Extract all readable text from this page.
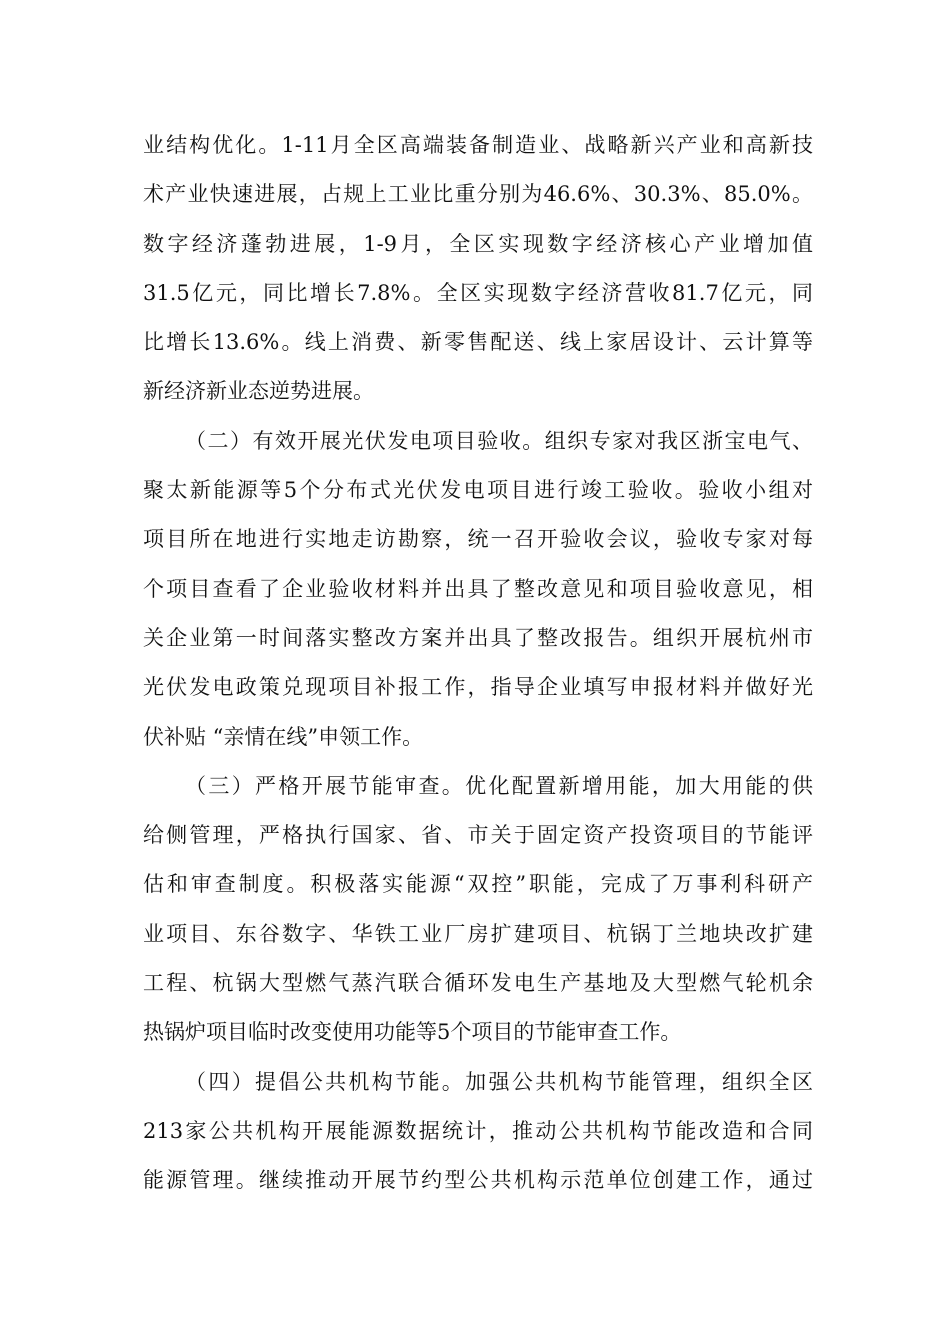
业结构优化。1-11月全区高端装备制造业、战略新兴产业和高新技
术产业快速进展，占规上工业比重分别为46.6%、30.3%、85.0%。
数字经济蓬勃进展，1-9月，全区实现数字经济核心产业增加值
31.5亿元，同比增长7.8%。全区实现数字经济营收81.7亿元，同
比增长13.6%。线上消费、新零售配送、线上家居设计、云计算等
新经济新业态逆势进展。
（二）有效开展光伏发电项目验收。组织专家对我区浙宝电气、
聚太新能源等5个分布式光伏发电项目进行竣工验收。验收小组对
项目所在地进行实地走访勘察，统一召开验收会议，验收专家对每
个项目查看了企业验收材料并出具了整改意见和项目验收意见，相
关企业第一时间落实整改方案并出具了整改报告。组织开展杭州市
光伏发电政策兑现项目补报工作，指导企业填写申报材料并做好光
伏补贴 “亲情在线”申领工作。
（三）严格开展节能审查。优化配置新增用能，加大用能的供
给侧管理，严格执行国家、省、市关于固定资产投资项目的节能评
估和审查制度。积极落实能源“双控”职能，完成了万事利科研产
业项目、东谷数字、华铁工业厂房扩建项目、杭锅丁兰地块改扩建
工程、杭锅大型燃气蒸汽联合循环发电生产基地及大型燃气轮机余
热锅炉项目临时改变使用功能等5个项目的节能审查工作。
（四）提倡公共机构节能。加强公共机构节能管理，组织全区
213家公共机构开展能源数据统计，推动公共机构节能改造和合同
能源管理。继续推动开展节约型公共机构示范单位创建工作，通过
